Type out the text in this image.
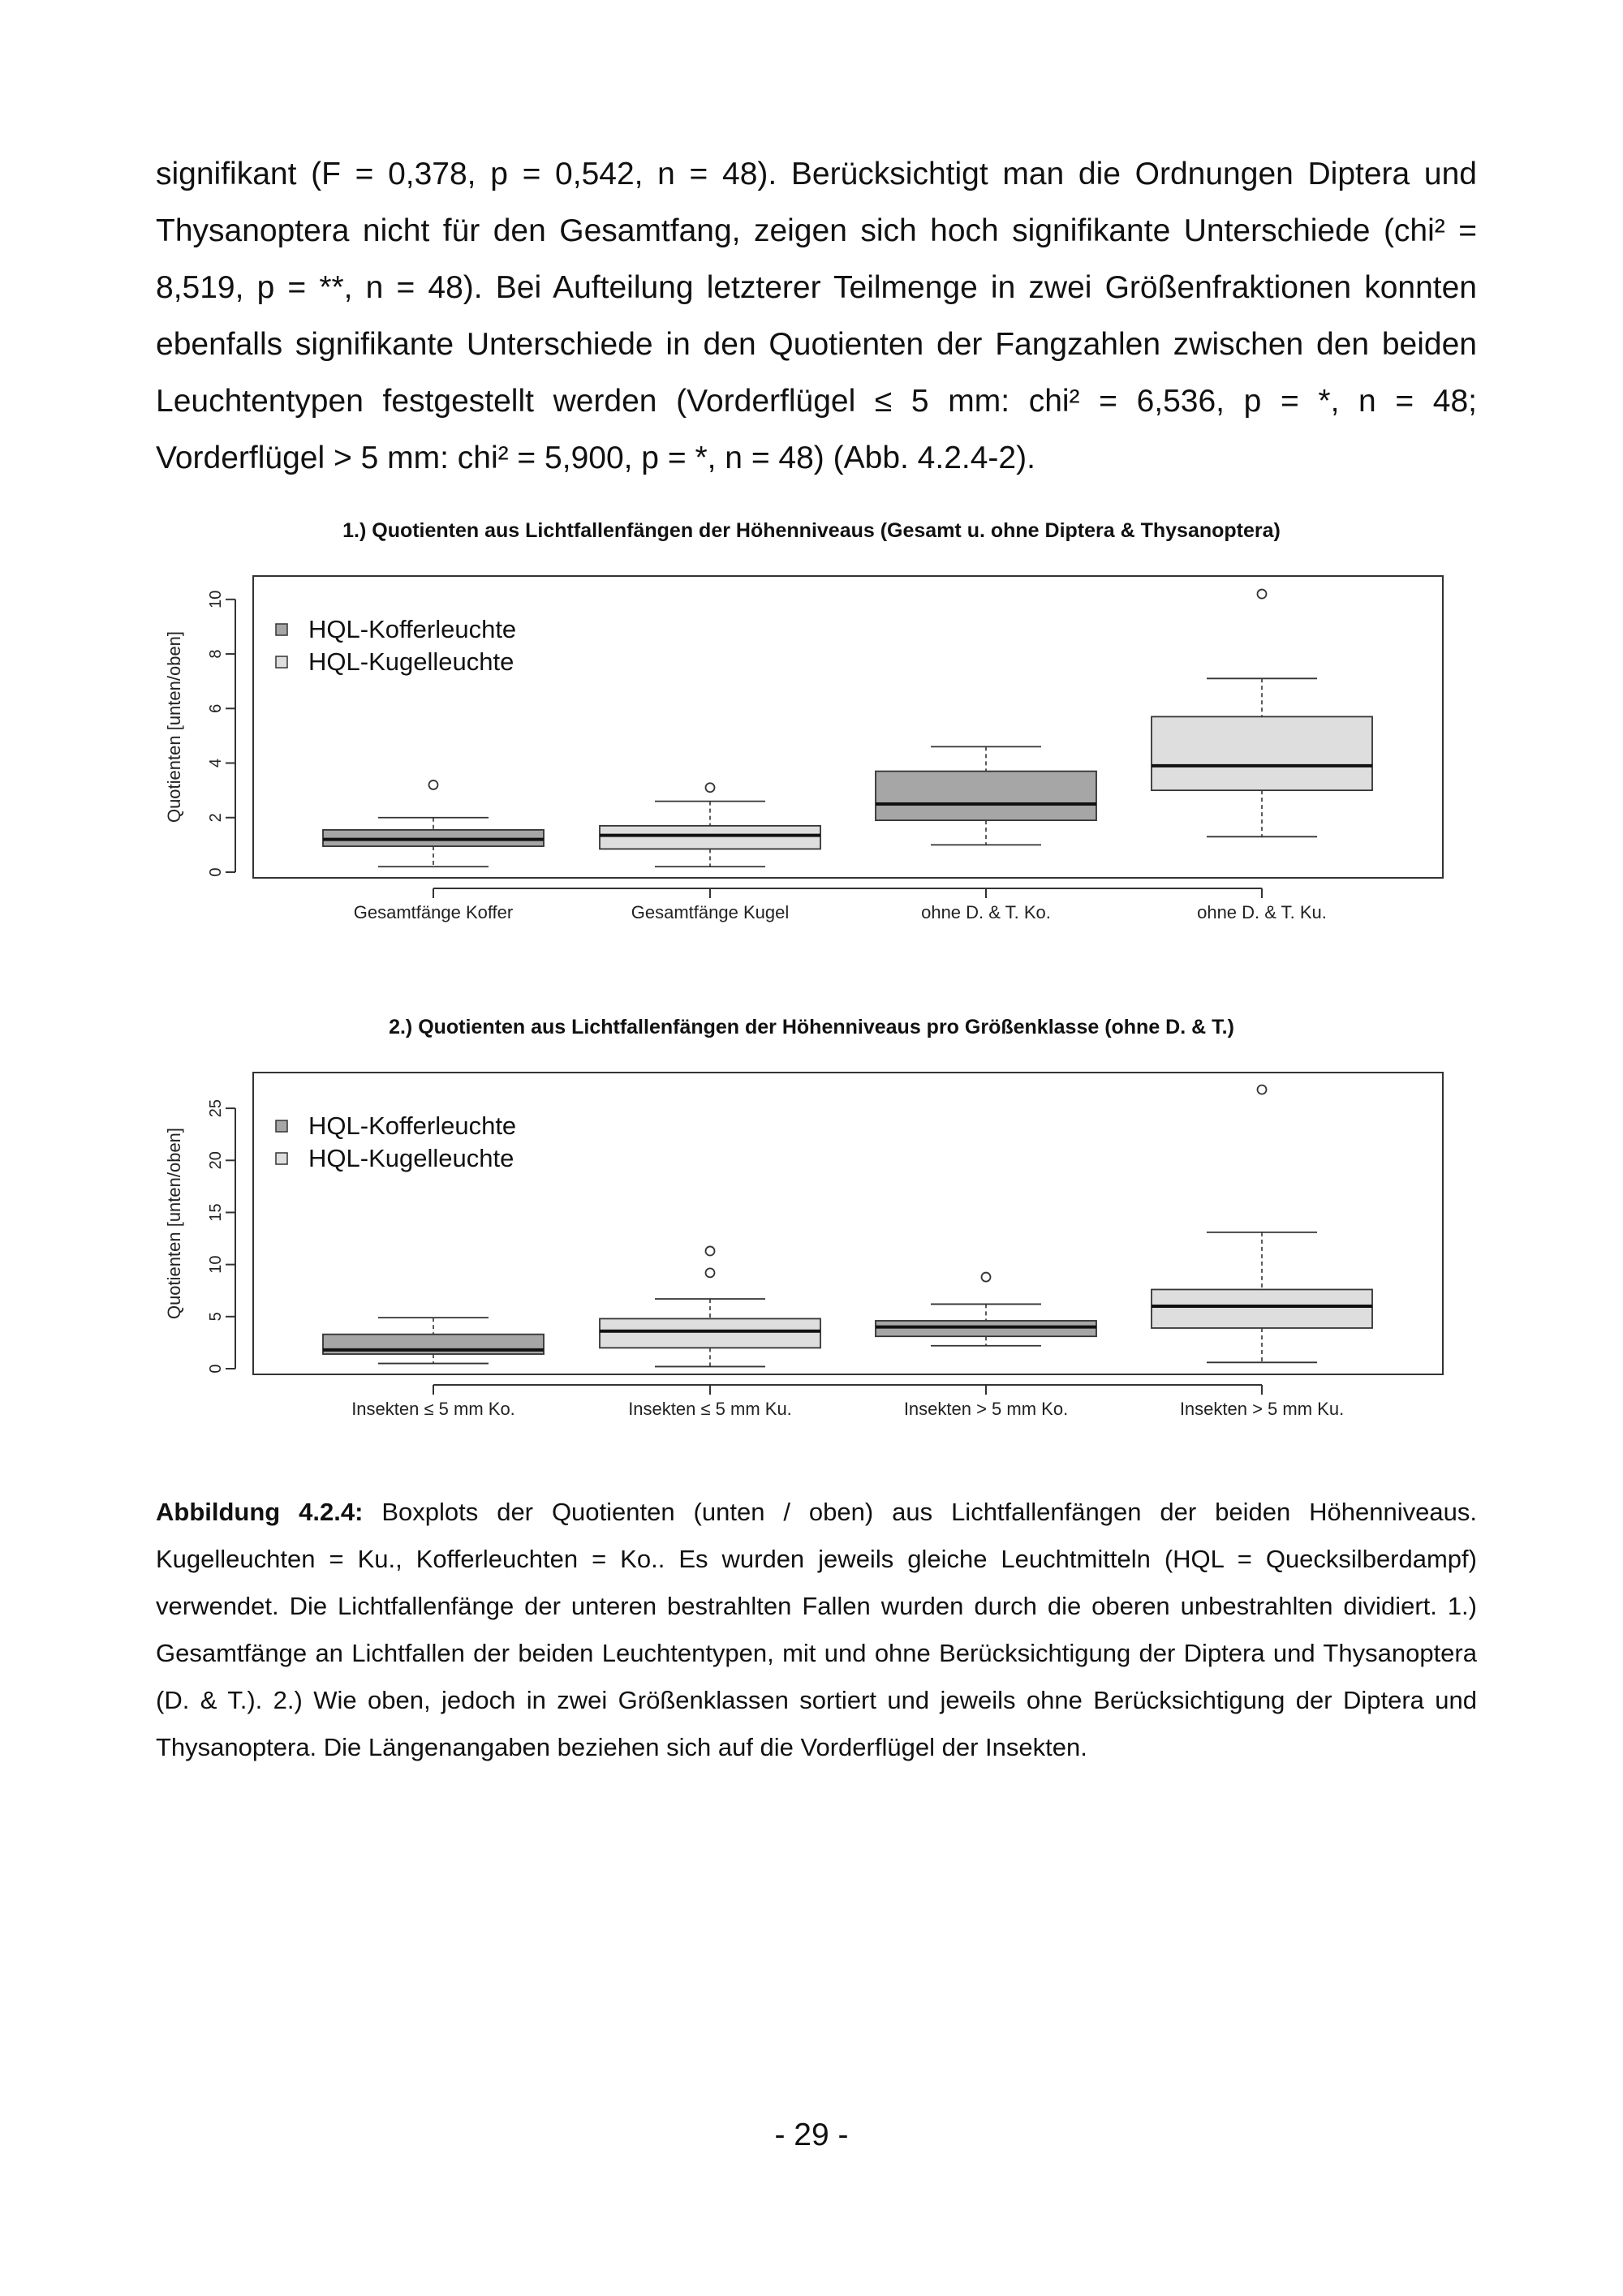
signifikant (F = 0,378, p = 0,542, n = 48). Berücksichtigt man die Ordnungen Diptera und Thysanoptera nicht für den Gesamtfang, zeigen sich hoch signifikante Unterschiede (chi² = 8,519, p = **, n = 48). Bei Aufteilung letzterer Teilmenge in zwei Größenfraktionen konnten ebenfalls signifikante Unterschiede in den Quotienten der Fangzahlen zwischen den beiden Leuchtentypen festgestellt werden (Vorderflügel ≤ 5 mm: chi² = 6,536, p = *, n = 48; Vorderflügel > 5 mm: chi² = 5,900, p = *, n = 48) (Abb. 4.2.4-2).

1.) Quotienten aus Lichtfallenfängen der Höhenniveaus (Gesamt u. ohne Diptera & Thysanoptera)
0
2
4
6
8
10
Quotienten [unten/oben]
Gesamtfänge Koffer	Gesamtfänge Kugel	ohne D. & T. Ko.	ohne D. & T. Ku.
HQL-Kofferleuchte
HQL-Kugelleuchte
2.) Quotienten aus Lichtfallenfängen der Höhenniveaus pro Größenklasse (ohne D. & T.)
0
5
10
15
20
25
Quotienten [unten/oben]
Insekten ≤ 5 mm Ko.	Insekten ≤ 5 mm Ku.	Insekten > 5 mm Ko.	Insekten > 5 mm Ku.
HQL-Kofferleuchte
HQL-Kugelleuchte

Abbildung 4.2.4: Boxplots der Quotienten (unten / oben) aus Lichtfallenfängen der beiden Höhenniveaus. Kugelleuchten = Ku., Kofferleuchten = Ko.. Es wurden jeweils gleiche Leuchtmitteln (HQL = Quecksilberdampf) verwendet. Die Lichtfallenfänge der unteren bestrahlten Fallen wurden durch die oberen unbestrahlten dividiert. 1.) Gesamtfänge an Lichtfallen der beiden Leuchtentypen, mit und ohne Berücksichtigung der Diptera und Thysanoptera (D. & T.). 2.) Wie oben, jedoch in zwei Größenklassen sortiert und jeweils ohne Berücksichtigung der Diptera und Thysanoptera. Die Längenangaben beziehen sich auf die Vorderflügel der Insekten.

- 29 -
